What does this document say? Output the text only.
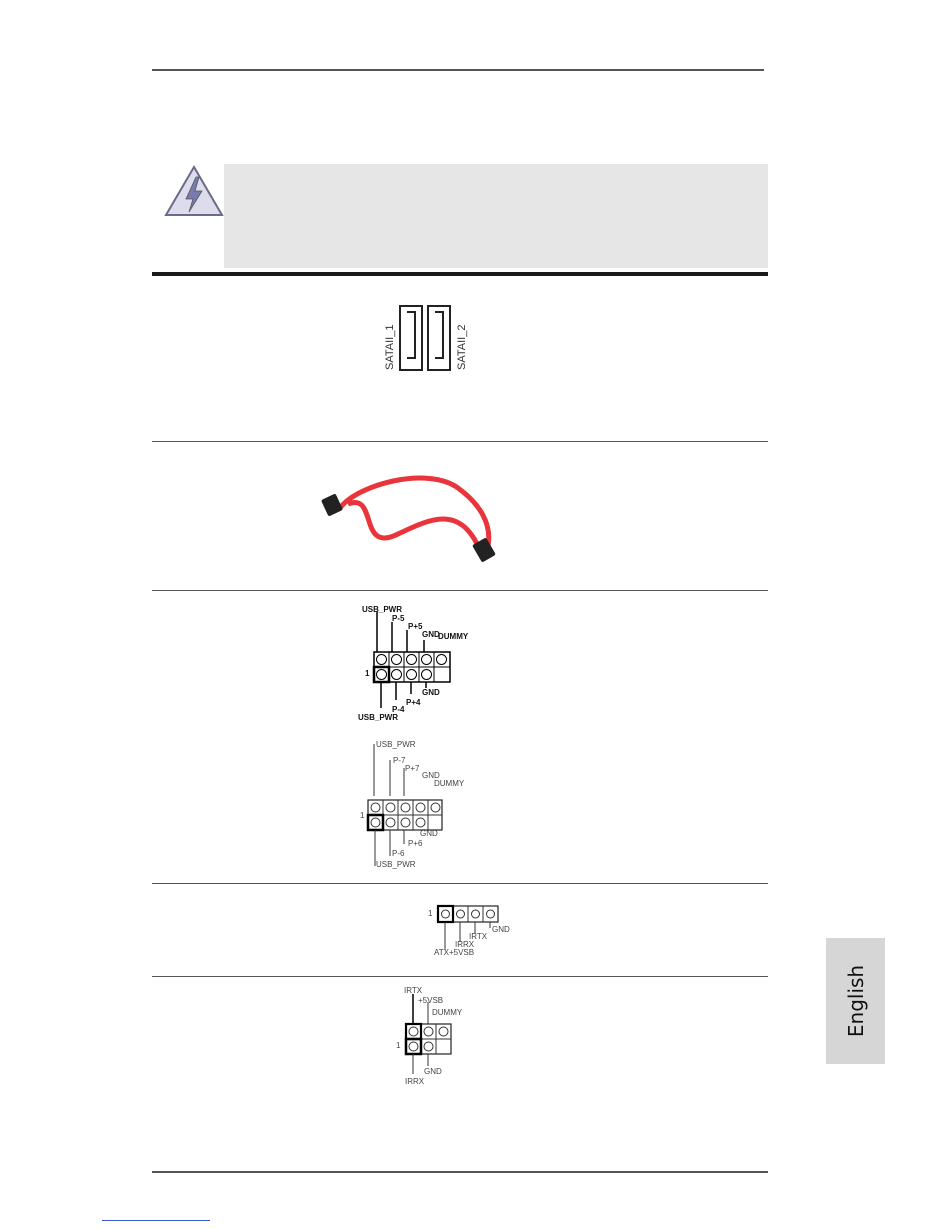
SATAII_1	SATAII_2
USB_PWR
P-5
P+5
GND
DUMMY
1
GND
P+4
P-4
USB_PWR
USB_PWR
P-7
P+7
GND
DUMMY
1
GND
P+6
P-6
USB_PWR
1
GND
IRTX
IRRX
ATX+5VSB
IRTX
+5VSB
DUMMY
1
GND
IRRX
English
